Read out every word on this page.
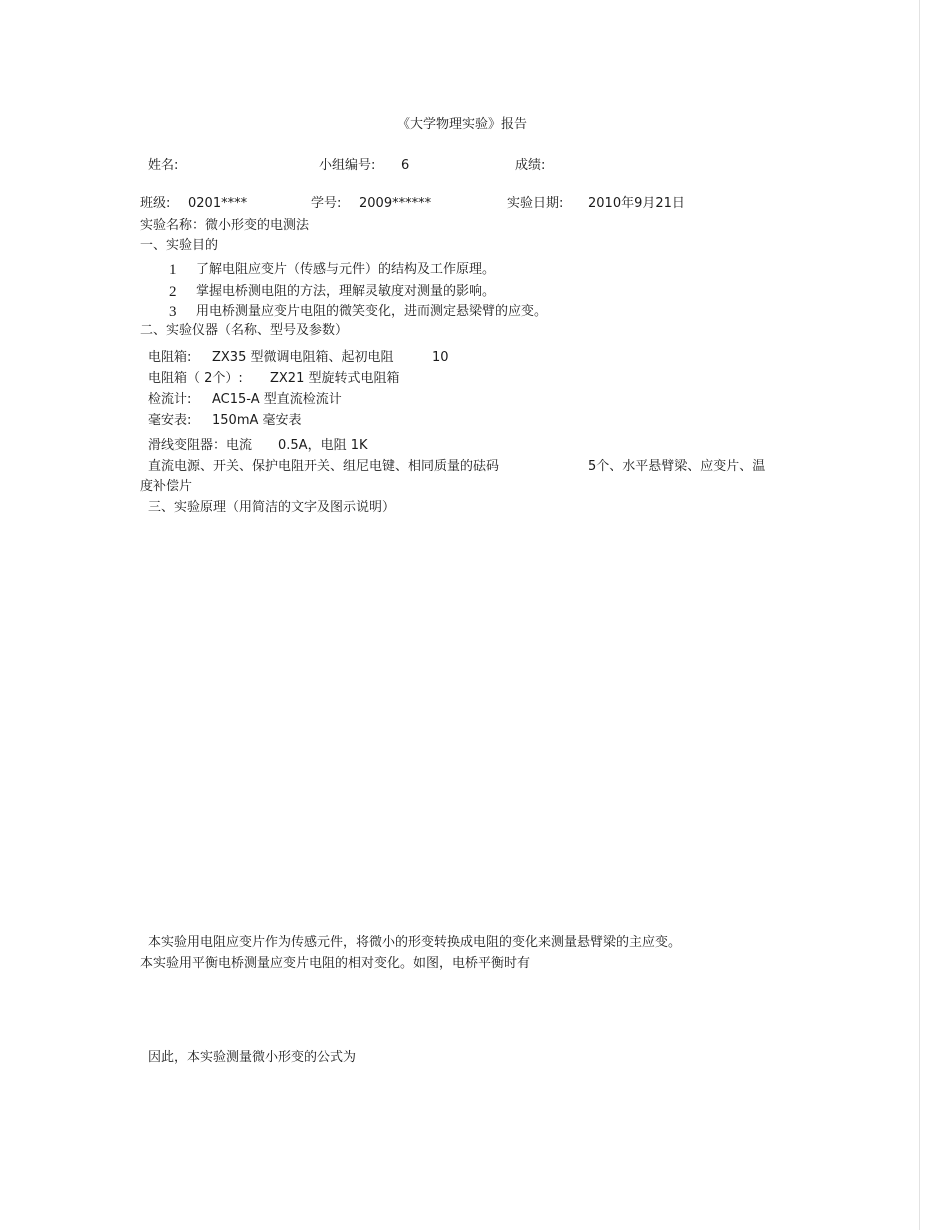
《大学物理实验》报告
姓名:	小组编号: 6	成绩:
班级: 0201****	学号: 2009******	实验日期: 2010年9月21日
实验名称：微小形变的电测法
一、实验目的
1 了解电阻应变片（传感与元件）的结构及工作原理。
2 掌握电桥测电阻的方法，理解灵敏度对测量的影响。
3 用电桥测量应变片电阻的微笑变化，进而测定悬梁臂的应变。
二、实验仪器（名称、型号及参数）
电阻箱: ZX35 型微调电阻箱、起初电阻	10
电阻箱（ 2个）: ZX21 型旋转式电阻箱
检流计: AC15-A 型直流检流计
毫安表: 150mA 毫安表
滑线变阻器：电流 0.5A，电阻 1K
直流电源、开关、保护电阻开关、组尼电键、相同质量的砝码	5个、水平悬臂梁、应变片、温
度补偿片
三、实验原理（用简洁的文字及图示说明）
本实验用电阻应变片作为传感元件，将微小的形变转换成电阻的变化来测量悬臂梁的主应变。
本实验用平衡电桥测量应变片电阻的相对变化。如图，电桥平衡时有
因此，本实验测量微小形变的公式为
